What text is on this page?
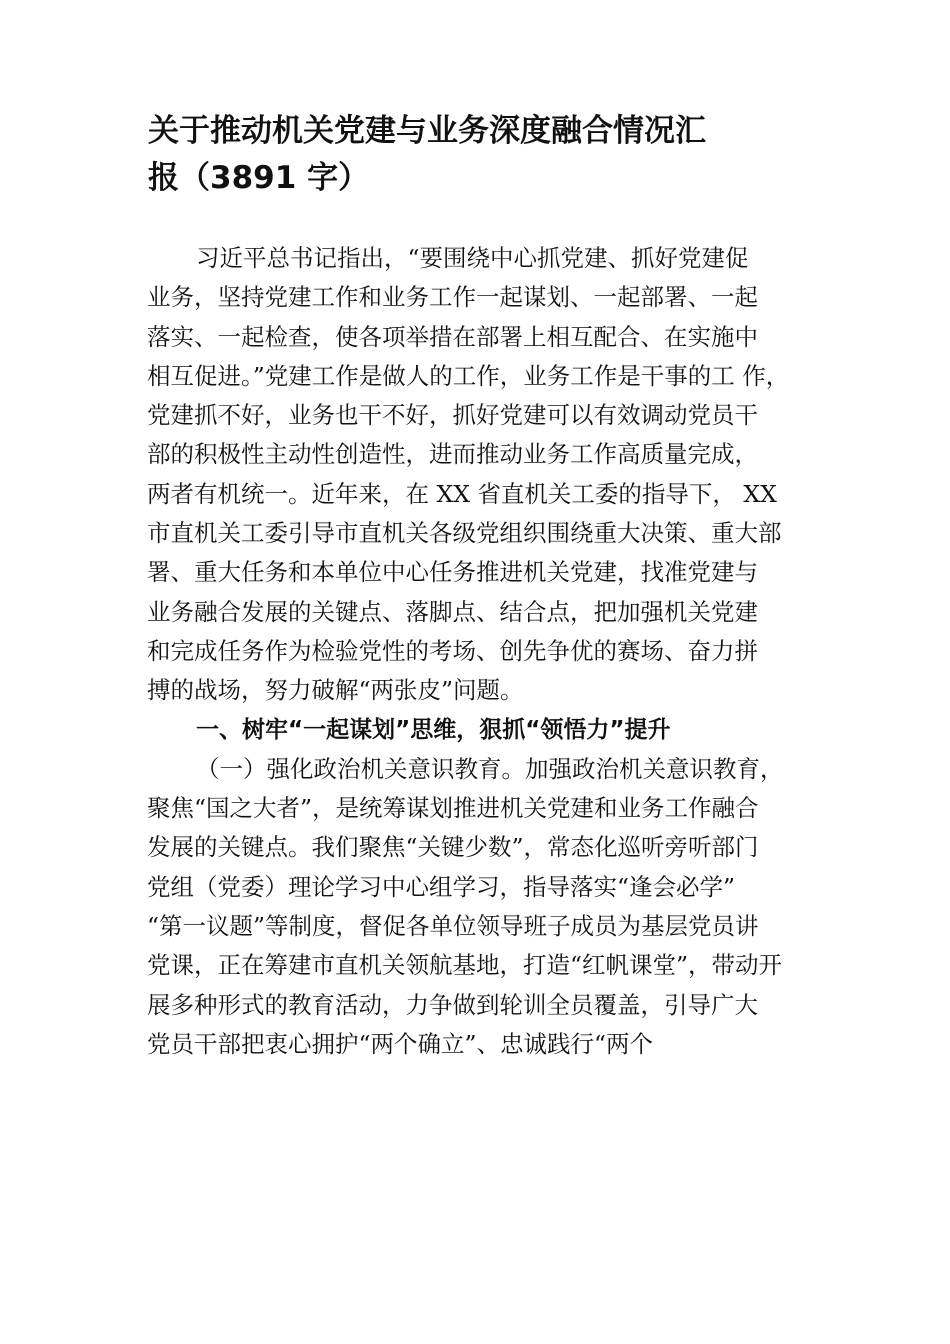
关于推动机关党建与业务深度融合情况汇
报（3891 字）
习近平总书记指出，“要围绕中心抓党建、抓好党建促
业务，坚持党建工作和业务工作一起谋划、一起部署、一起
落实、一起检查，使各项举措在部署上相互配合、在实施中
相互促进。”党建工作是做人的工作，业务工作是干事的工 作，
党建抓不好，业务也干不好，抓好党建可以有效调动党员干
部的积极性主动性创造性，进而推动业务工作高质量完成，
两者有机统一。近年来，在 XX 省直机关工委的指导下， XX
市直机关工委引导市直机关各级党组织围绕重大决策、重大部
署、重大任务和本单位中心任务推进机关党建，找准党建与
业务融合发展的关键点、落脚点、结合点，把加强机关党建
和完成任务作为检验党性的考场、创先争优的赛场、奋力拼
搏的战场，努力破解“两张皮”问题。
一、树牢“一起谋划”思维，狠抓“领悟力”提升
（一）强化政治机关意识教育。加强政治机关意识教育，
聚焦“国之大者”，是统筹谋划推进机关党建和业务工作融合
发展的关键点。我们聚焦“关键少数”，常态化巡听旁听部门
党组（党委）理论学习中心组学习，指导落实“逢会必学”
“第一议题”等制度，督促各单位领导班子成员为基层党员讲
党课，正在筹建市直机关领航基地，打造“红帆课堂”，带动开
展多种形式的教育活动，力争做到轮训全员覆盖，引导广大
党员干部把衷心拥护“两个确立”、忠诚践行“两个
